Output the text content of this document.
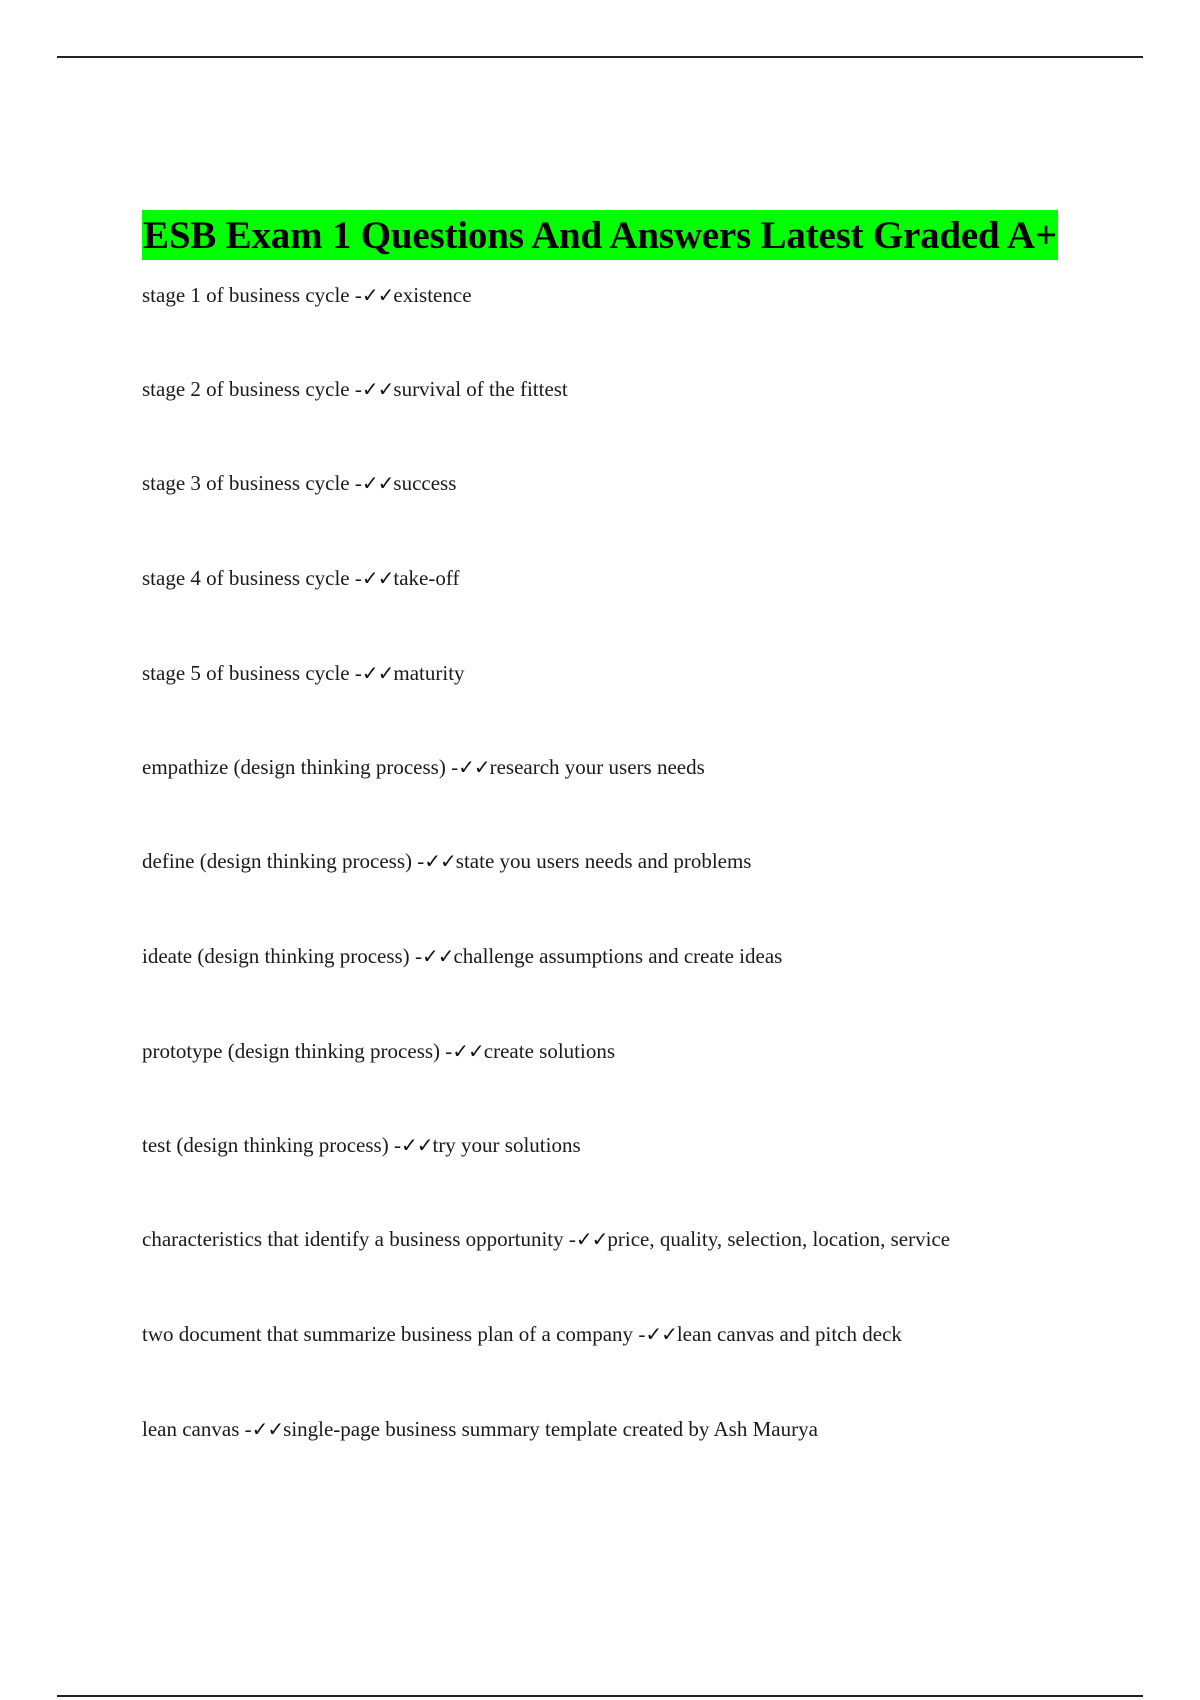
ESB Exam 1 Questions And Answers Latest Graded A+
stage 1 of business cycle -✓✓existence
stage 2 of business cycle -✓✓survival of the fittest
stage 3 of business cycle -✓✓success
stage 4 of business cycle -✓✓take-off
stage 5 of business cycle -✓✓maturity
empathize (design thinking process) -✓✓research your users needs
define (design thinking process) -✓✓state you users needs and problems
ideate (design thinking process) -✓✓challenge assumptions and create ideas
prototype (design thinking process) -✓✓create solutions
test (design thinking process) -✓✓try your solutions
characteristics that identify a business opportunity -✓✓price, quality, selection, location, service
two document that summarize business plan of a company -✓✓lean canvas and pitch deck
lean canvas -✓✓single-page business summary template created by Ash Maurya
